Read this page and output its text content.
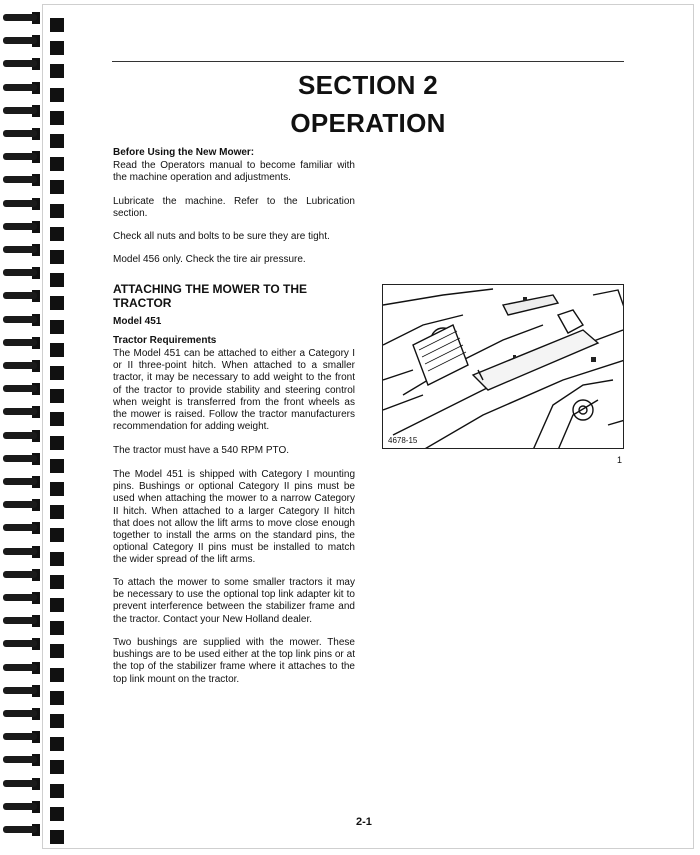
SECTION 2
OPERATION
Before Using the New Mower:
Read the Operators manual to become familiar with the machine operation and adjustments.
Lubricate the machine. Refer to the Lubrication section.
Check all nuts and bolts to be sure they are tight.
Model 456 only. Check the tire air pressure.
ATTACHING THE MOWER TO THE
TRACTOR
Model 451
Tractor Requirements
The Model 451 can be attached to either a Category I or II three-point hitch. When attached to a smaller tractor, it may be necessary to add weight to the front of the tractor to provide stability and steering control when weight is transferred from the front wheels as the mower is raised. Follow the tractor manufacturers recommendation for adding weight.
The tractor must have a 540 RPM PTO.
The Model 451 is shipped with Category I mounting pins. Bushings or optional Category II pins must be used when attaching the mower to a narrow Category II hitch. When attached to a larger Category II hitch that does not allow the lift arms to move close enough together to install the arms on the standard pins, the optional Category II pins must be installed to match the wider spread of the lift arms.
To attach the mower to some smaller tractors it may be necessary to use the optional top link adapter kit to prevent interference between the stabilizer frame and the tractor. Contact your New Holland dealer.
Two bushings are supplied with the mower. These bushings are to be used either at the top link pins or at the top of the stabilizer frame where it attaches to the top link mount on the tractor.
4678-15
1
2-1
